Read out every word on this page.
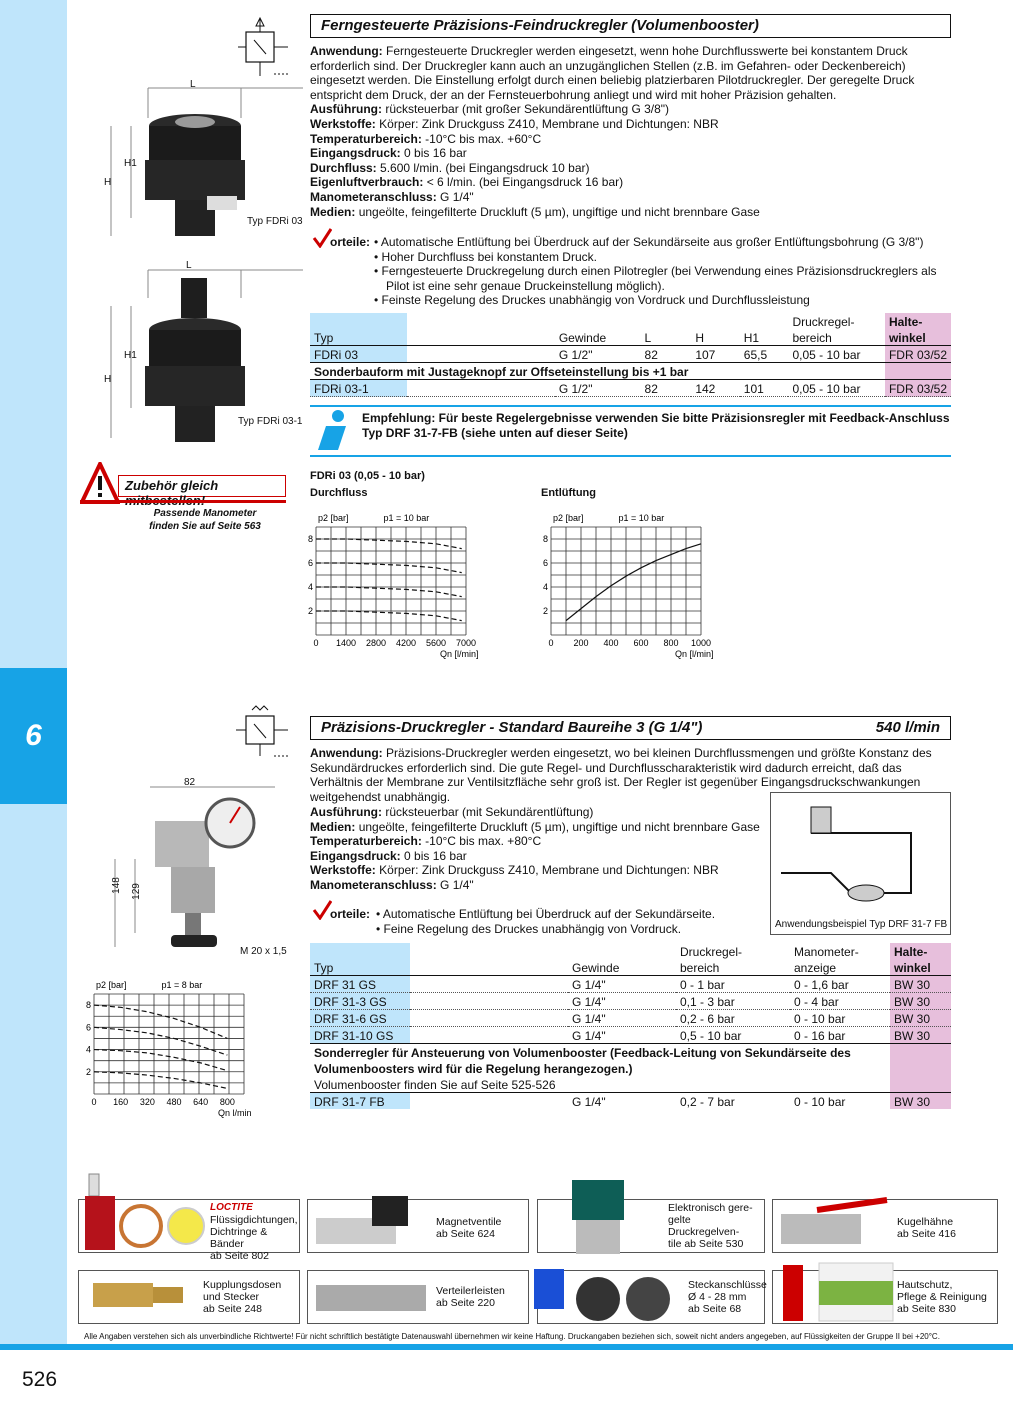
6
Ferngesteuerte Präzisions-Feindruckregler (Volumenbooster)
L
H
H1
Typ FDRi 03
L
H
H1
Typ FDRi 03-1
Anwendung: Ferngesteuerte Druckregler werden eingesetzt, wenn hohe Durchflusswerte bei konstantem Druck erforderlich sind. Der Druckregler kann auch an unzugänglichen Stellen (z.B. im Gefahren- oder Deckenbereich) eingesetzt werden. Die Einstellung erfolgt durch einen beliebig platzierbaren Pilotdruckregler. Der geregelte Druck entspricht dem Druck, der an der Fernsteuerbohrung anliegt und wird mit hoher Präzision gehalten.
Ausführung: rücksteuerbar (mit großer Sekundärentlüftung G 3/8")
Werkstoffe: Körper: Zink Druckguss Z410, Membrane und Dichtungen: NBR
Temperaturbereich: -10°C bis max. +60°C
Eingangsdruck: 0 bis 16 bar
Durchfluss: 5.600 l/min. (bei Eingangsdruck 10 bar)
Eigenluftverbrauch: < 6 l/min. (bei Eingangsdruck 16 bar)
Manometeranschluss: G 1/4"
Medien: ungeölte, feingefilterte Druckluft (5 µm), ungiftige und nicht brennbare Gase
orteile: • Automatische Entlüftung bei Überdruck auf der Sekundärseite aus großer Entlüftungsbohrung (G 3/8")
• Hoher Durchfluss bei konstantem Druck.
• Ferngesteuerte Druckregelung durch einen Pilotregler (bei Verwendung eines Präzisionsdruckreglers als
Pilot ist eine sehr genaue Druckeinstellung möglich).
• Feinste Regelung des Druckes unabhängig von Vordruck und Durchflussleistung
						Druckregel-	Halte-
Typ		Gewinde	L	H	H1	bereich	winkel
FDRi 03		G 1/2"	82	107	65,5	0,05 - 10 bar	FDR 03/52
Sonderbauform mit Justageknopf zur Offseteinstellung bis +1 bar							
FDRi 03-1		G 1/2"	82	142	101	0,05 - 10 bar	FDR 03/52
Empfehlung: Für beste Regelergebnisse verwenden Sie bitte Präzisionsregler mit Feedback-Anschluss
Typ DRF 31-7-FB (siehe unten auf dieser Seite)
Zubehör gleich
Passende Manometer
finden Sie auf Seite 563
FDRi 03 (0,05 - 10 bar)
Durchfluss	Entlüftung
0 1400 2800 4200 5600 7000
2
4
6
8
p2 [bar]	p1 = 10 bar
Qn [l/min]
0 200 400 600 800 1000
2
4
6
8
p2 [bar]	p1 = 10 bar
Qn [l/min]
Präzisions-Druckregler - Standard Baureihe 3 (G 1/4")	540 l/min
82
148 129
M 20 x 1,5
Anwendung: Präzisions-Druckregler werden eingesetzt, wo bei kleinen Durchflussmengen und größte Konstanz des Sekundärdruckes erforderlich sind. Die gute Regel- und Durchflusscharakteristik wird dadurch erreicht, daß das Verhältnis der Membrane zur Ventilsitzfläche sehr groß ist. Der Regler ist gegenüber Eingangsdruckschwankungen weitgehendst unabhängig.
Ausführung: rücksteuerbar (mit Sekundärentlüftung)
Medien: ungeölte, feingefilterte Druckluft (5 µm), ungiftige und nicht brennbare Gase
Temperaturbereich: -10°C bis max. +80°C
Eingangsdruck: 0 bis 16 bar
Werkstoffe: Körper: Zink Druckguss Z410, Membrane und Dichtungen: NBR
Manometeranschluss: G 1/4"
Anwendungsbeispiel Typ DRF 31-7 FB
orteile: • Automatische Entlüftung bei Überdruck auf der Sekundärseite.
• Feine Regelung des Druckes unabhängig von Vordruck.
			Druckregel-	Manometer-	Halte-
Typ		Gewinde	bereich	anzeige	winkel
DRF 31 GS		G 1/4"	0 - 1 bar	0 - 1,6 bar	BW 30
DRF 31-3 GS		G 1/4"	0,1 - 3 bar	0 - 4 bar	BW 30
DRF 31-6 GS		G 1/4"	0,2 - 6 bar	0 - 10 bar	BW 30
DRF 31-10 GS		G 1/4"	0,5 - 10 bar	0 - 16 bar	BW 30
Sonderregler für Ansteuerung von Volumenbooster (Feedback-Leitung von Sekundärseite des					
Volumenboosters wird für die Regelung herangezogen.)					
Volumenbooster finden Sie auf Seite 525-526					
DRF 31-7 FB		G 1/4"	0,2 - 7 bar	0 - 10 bar	BW 30
0 160 320 480 640 800
2
4
6
8
p2 [bar]	p1 = 8 bar
Qn l/min
LOCTITE
Flüssigdichtungen,
Dichtringe & Bänder
ab Seite 802
Magnetventile
ab Seite 624
Elektronisch gere-
gelte Druckregelven-
tile ab Seite 530
Kugelhähne
ab Seite 416
Kupplungsdosen
und Stecker
ab Seite 248
Verteilerleisten
ab Seite 220
Steckanschlüsse
Ø 4 - 28 mm
ab Seite 68
Hautschutz,
Pflege & Reinigung
ab Seite 830
Alle Angaben verstehen sich als unverbindliche Richtwerte! Für nicht schriftlich bestätigte Datenauswahl übernehmen wir keine Haftung. Druckangaben beziehen sich, soweit nicht anders angegeben, auf Flüssigkeiten der Gruppe II bei +20°C.
526
